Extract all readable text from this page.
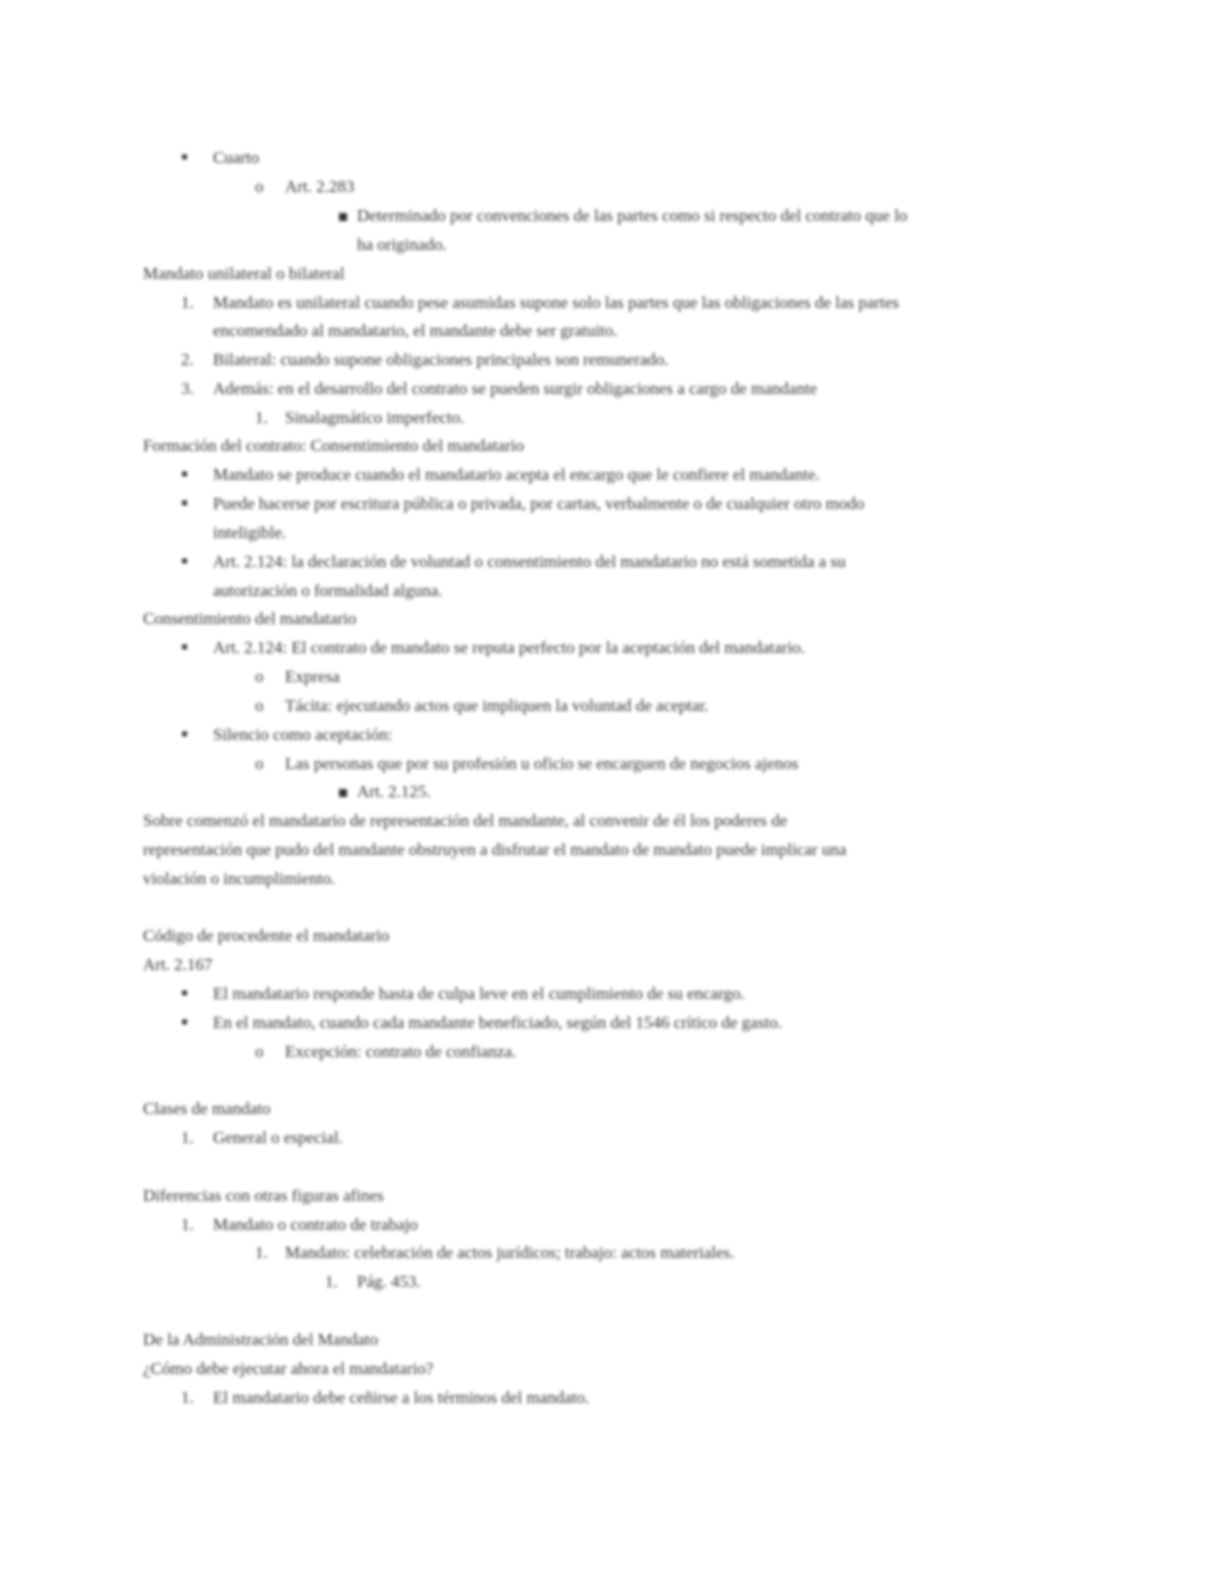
▪ Cuarto
o Art. 2.283
Determinado por convenciones de las partes como si respecto del contrato que lo
ha originado.
Mandato unilateral o bilateral
1. Mandato es unilateral cuando pese asumidas supone solo las partes que las obligaciones de las partes
encomendado al mandatario, el mandante debe ser gratuito.
2. Bilateral: cuando supone obligaciones principales son remunerado.
3. Además: en el desarrollo del contrato se pueden surgir obligaciones a cargo de mandante
1. Sinalagmático imperfecto.
Formación del contrato: Consentimiento del mandatario
▪ Mandato se produce cuando el mandatario acepta el encargo que le confiere el mandante.
▪ Puede hacerse por escritura pública o privada, por cartas, verbalmente o de cualquier otro modo
inteligible.
▪ Art. 2.124: la declaración de voluntad o consentimiento del mandatario no está sometida a su
autorización o formalidad alguna.
Consentimiento del mandatario
▪ Art. 2.124: El contrato de mandato se reputa perfecto por la aceptación del mandatario.
o Expresa
o Tácita: ejecutando actos que impliquen la voluntad de aceptar.
▪ Silencio como aceptación:
o Las personas que por su profesión u oficio se encarguen de negocios ajenos
Art. 2.125.
Sobre comenzó el mandatario de representación del mandante, al convenir de él los poderes de
representación que pudo del mandante obstruyen a disfrutar el mandato de mandato puede implicar una
violación o incumplimiento.
Código de procedente el mandatario
Art. 2.167
▪ El mandatario responde hasta de culpa leve en el cumplimiento de su encargo.
▪ En el mandato, cuando cada mandante beneficiado, según del 1546 crítico de gasto.
o Excepción: contrato de confianza.
Clases de mandato
1. General o especial.
Diferencias con otras figuras afines
1. Mandato o contrato de trabajo
1. Mandato: celebración de actos jurídicos; trabajo: actos materiales.
1. Pág. 453.
De la Administración del Mandato
¿Cómo debe ejecutar ahora el mandatario?
1. El mandatario debe ceñirse a los términos del mandato.
